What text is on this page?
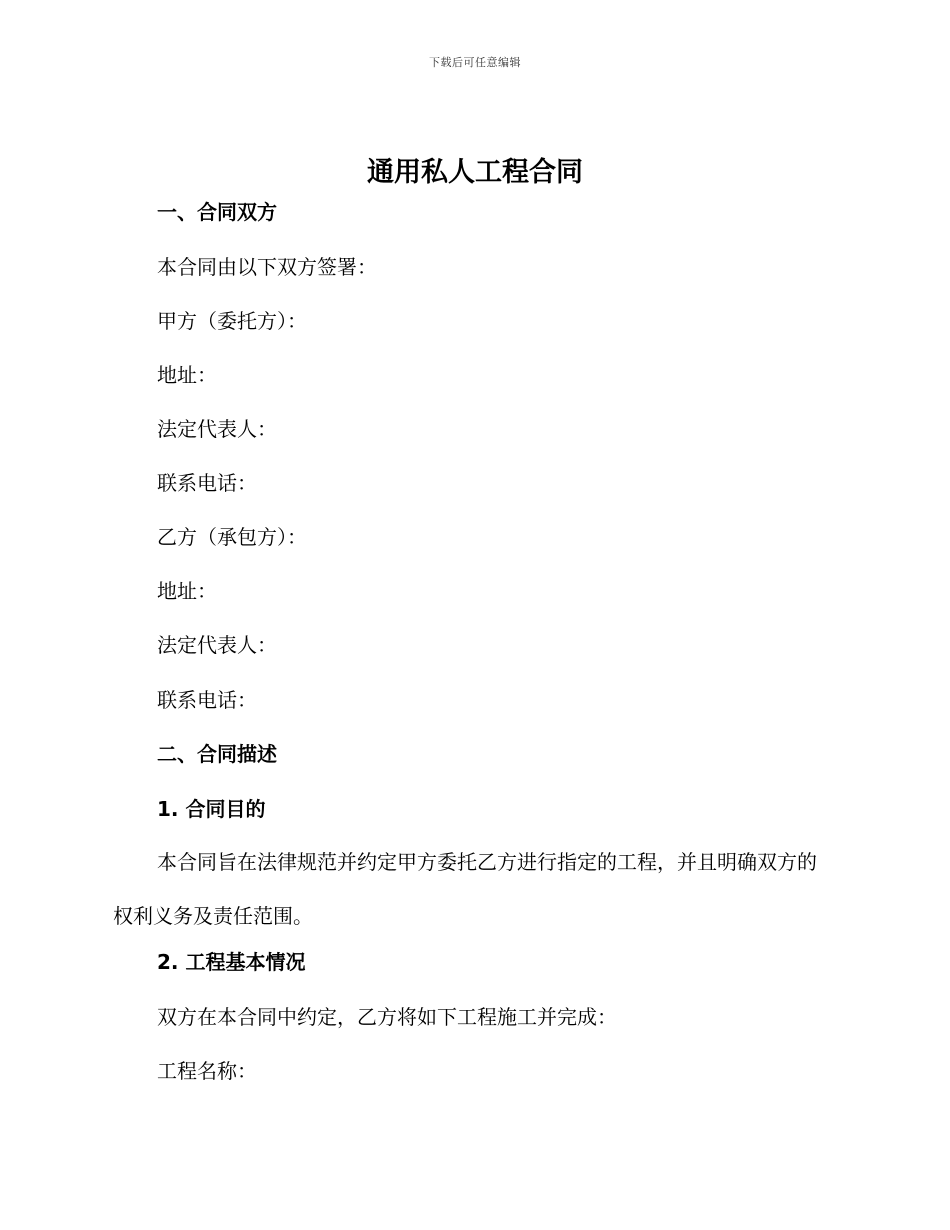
下载后可任意编辑
通用私人工程合同
一、合同双方
本合同由以下双方签署：
甲方（委托方）：
地址：
法定代表人：
联系电话：
乙方（承包方）：
地址：
法定代表人：
联系电话：
二、合同描述
1. 合同目的

本合同旨在法律规范并约定甲方委托乙方进行指定的工程，并且明确双方的权利义务及责任范围。

2. 工程基本情况
双方在本合同中约定，乙方将如下工程施工并完成：
工程名称：
